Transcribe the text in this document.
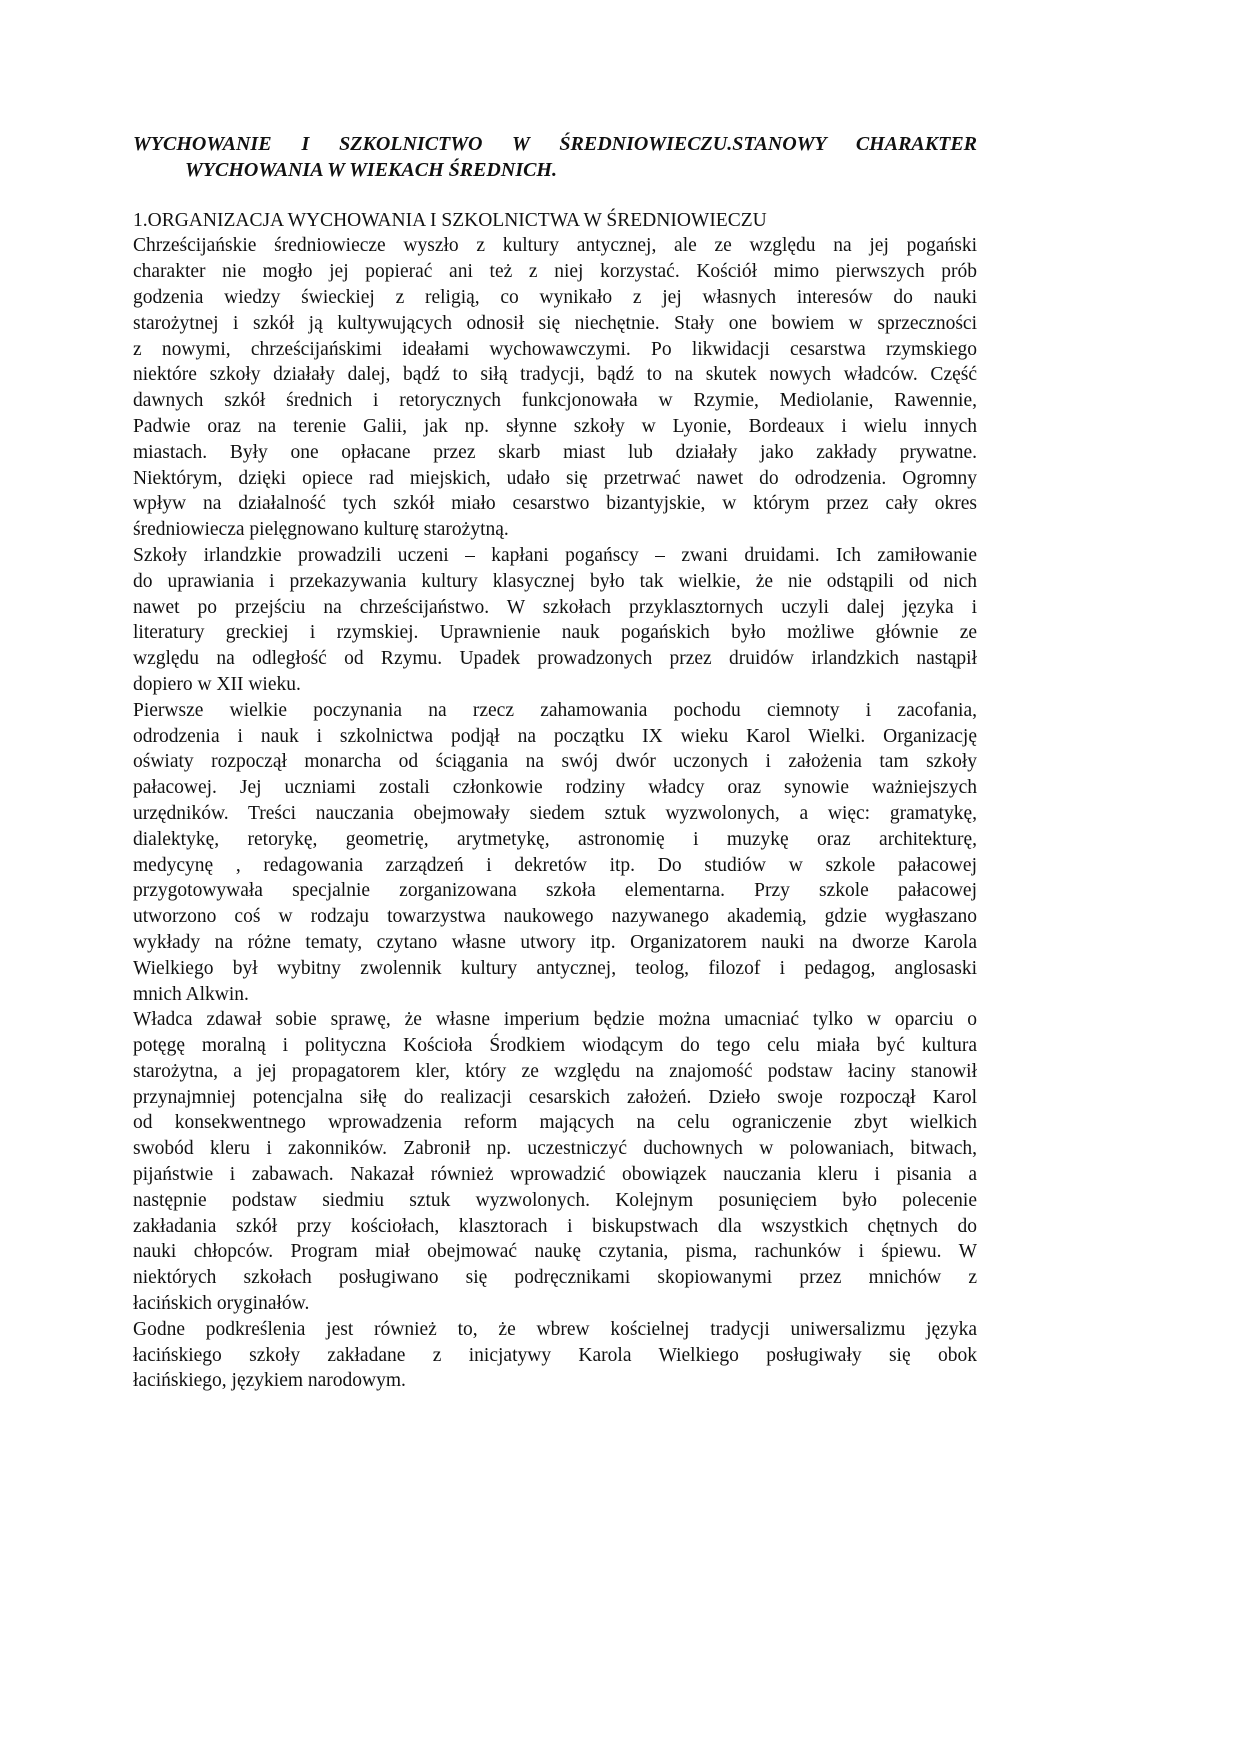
WYCHOWANIE I SZKOLNICTWO W ŚREDNIOWIECZU.STANOWY CHARAKTER
WYCHOWANIA W WIEKACH ŚREDNICH.
1.ORGANIZACJA WYCHOWANIA I SZKOLNICTWA W ŚREDNIOWIECZU
Chrześcijańskie średniowiecze wyszło z kultury antycznej, ale ze względu na jej pogański
charakter nie mogło jej popierać ani też z niej korzystać. Kościół mimo pierwszych prób
godzenia wiedzy świeckiej z religią, co wynikało z jej własnych interesów do nauki
starożytnej i szkół ją kultywujących odnosił się niechętnie. Stały one bowiem w sprzeczności
z nowymi, chrześcijańskimi ideałami wychowawczymi. Po likwidacji cesarstwa rzymskiego
niektóre szkoły działały dalej, bądź to siłą tradycji, bądź to na skutek nowych władców. Część
dawnych szkół średnich i retorycznych funkcjonowała w Rzymie, Mediolanie, Rawennie,
Padwie oraz na terenie Galii, jak np. słynne szkoły w Lyonie, Bordeaux i wielu innych
miastach. Były one opłacane przez skarb miast lub działały jako zakłady prywatne.
Niektórym, dzięki opiece rad miejskich, udało się przetrwać nawet do odrodzenia. Ogromny
wpływ na działalność tych szkół miało cesarstwo bizantyjskie, w którym przez cały okres
średniowiecza pielęgnowano kulturę starożytną.
Szkoły irlandzkie prowadzili uczeni – kapłani pogańscy – zwani druidami. Ich zamiłowanie
do uprawiania i przekazywania kultury klasycznej było tak wielkie, że nie odstąpili od nich
nawet po przejściu na chrześcijaństwo. W szkołach przyklasztornych uczyli dalej języka i
literatury greckiej i rzymskiej. Uprawnienie nauk pogańskich było możliwe głównie ze
względu na odległość od Rzymu. Upadek prowadzonych przez druidów irlandzkich nastąpił
dopiero w XII wieku.
Pierwsze wielkie poczynania na rzecz zahamowania pochodu ciemnoty i zacofania,
odrodzenia i nauk i szkolnictwa podjął na początku IX wieku Karol Wielki. Organizację
oświaty rozpoczął monarcha od ściągania na swój dwór uczonych i założenia tam szkoły
pałacowej. Jej uczniami zostali członkowie rodziny władcy oraz synowie ważniejszych
urzędników. Treści nauczania obejmowały siedem sztuk wyzwolonych, a więc: gramatykę,
dialektykę, retorykę, geometrię, arytmetykę, astronomię i muzykę oraz architekturę,
medycynę , redagowania zarządzeń i dekretów itp. Do studiów w szkole pałacowej
przygotowywała specjalnie zorganizowana szkoła elementarna. Przy szkole pałacowej
utworzono coś w rodzaju towarzystwa naukowego nazywanego akademią, gdzie wygłaszano
wykłady na różne tematy, czytano własne utwory itp. Organizatorem nauki na dworze Karola
Wielkiego był wybitny zwolennik kultury antycznej, teolog, filozof i pedagog, anglosaski
mnich Alkwin.
Władca zdawał sobie sprawę, że własne imperium będzie można umacniać tylko w oparciu o
potęgę moralną i polityczna Kościoła Środkiem wiodącym do tego celu miała być kultura
starożytna, a jej propagatorem kler, który ze względu na znajomość podstaw łaciny stanowił
przynajmniej potencjalna siłę do realizacji cesarskich założeń. Dzieło swoje rozpoczął Karol
od konsekwentnego wprowadzenia reform mających na celu ograniczenie zbyt wielkich
swobód kleru i zakonników. Zabronił np. uczestniczyć duchownych w polowaniach, bitwach,
pijaństwie i zabawach. Nakazał również wprowadzić obowiązek nauczania kleru i pisania a
następnie podstaw siedmiu sztuk wyzwolonych. Kolejnym posunięciem było polecenie
zakładania szkół przy kościołach, klasztorach i biskupstwach dla wszystkich chętnych do
nauki chłopców. Program miał obejmować naukę czytania, pisma, rachunków i śpiewu. W
niektórych szkołach posługiwano się podręcznikami skopiowanymi przez mnichów z
łacińskich oryginałów.
Godne podkreślenia jest również to, że wbrew kościelnej tradycji uniwersalizmu języka
łacińskiego szkoły zakładane z inicjatywy Karola Wielkiego posługiwały się obok
łacińskiego, językiem narodowym.
